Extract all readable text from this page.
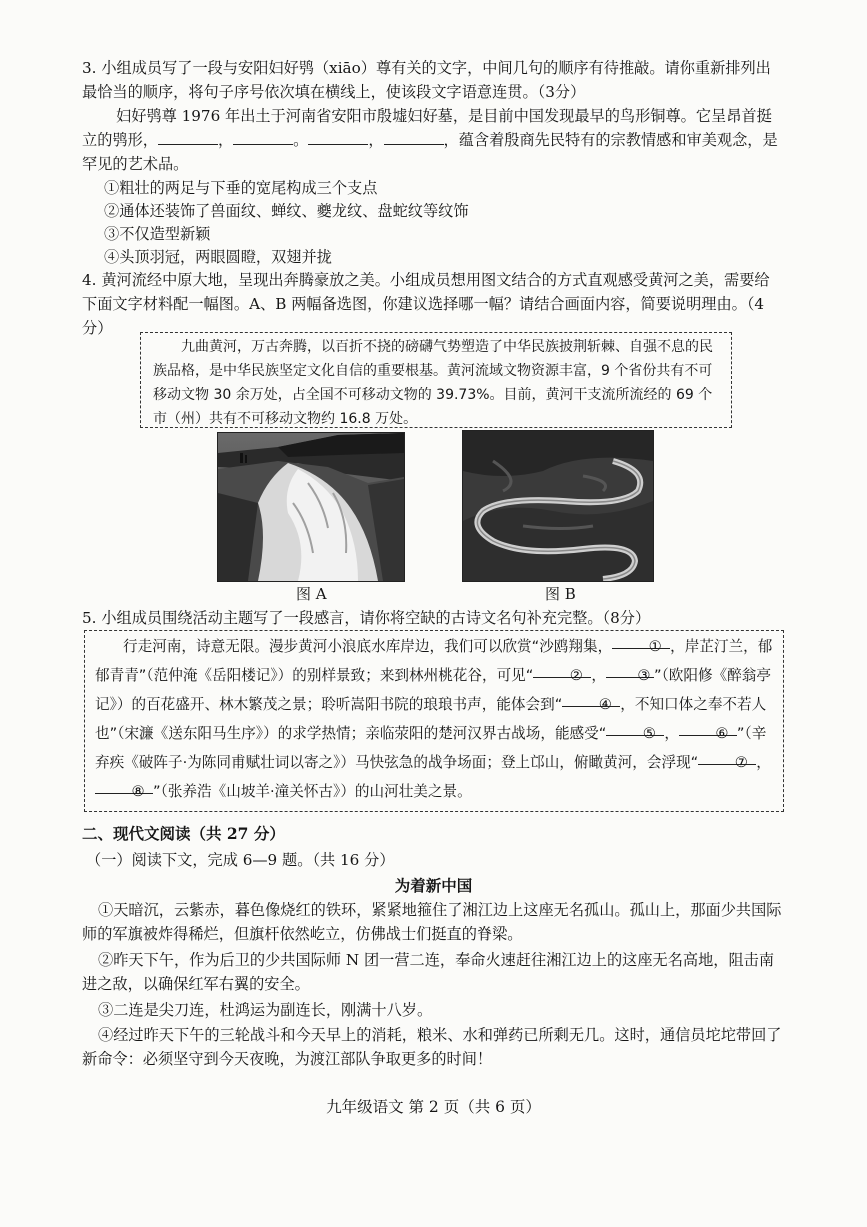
3. 小组成员写了一段与安阳妇好鸮（xiāo）尊有关的文字，中间几句的顺序有待推敲。请你重新排列出最恰当的顺序，将句子序号依次填在横线上，使该段文字语意连贯。（3分）

妇好鸮尊 1976 年出土于河南省安阳市殷墟妇好墓，是目前中国发现最早的鸟形铜尊。它呈昂首挺立的鸮形，	，	。	，	，蕴含着殷商先民特有的宗教情感和审美观念，是罕见的艺术品。

①粗壮的两足与下垂的宽尾构成三个支点

②通体还装饰了兽面纹、蝉纹、夔龙纹、盘蛇纹等纹饰

③不仅造型新颖

④头顶羽冠，两眼圆瞪，双翅并拢

4. 黄河流经中原大地，呈现出奔腾豪放之美。小组成员想用图文结合的方式直观感受黄河之美，需要给下面文字材料配一幅图。A、B 两幅备选图，你建议选择哪一幅？请结合画面内容，简要说明理由。（4分）

九曲黄河，万古奔腾，以百折不挠的磅礴气势塑造了中华民族披荆斩棘、自强不息的民族品格，是中华民族坚定文化自信的重要根基。黄河流域文物资源丰富，9 个省份共有不可移动文物 30 余万处，占全国不可移动文物的 39.73%。目前，黄河干支流所流经的 69 个市（州）共有不可移动文物约 16.8 万处。

图 A	图 B

5. 小组成员围绕活动主题写了一段感言，请你将空缺的古诗文名句补充完整。（8分）

行走河南，诗意无限。漫步黄河小浪底水库岸边，我们可以欣赏“沙鸥翔集， ① ，岸芷汀兰，郁郁青青”（范仲淹《岳阳楼记》）的别样景致；来到林州桃花谷，可见“ ② ， ③ ”（欧阳修《醉翁亭记》）的百花盛开、林木繁茂之景；聆听嵩阳书院的琅琅书声，能体会到“ ④ ，不知口体之奉不若人也”（宋濂《送东阳马生序》）的求学热情；亲临荥阳的楚河汉界古战场，能感受“ ⑤ ， ⑥ ”（辛弃疾《破阵子·为陈同甫赋壮词以寄之》）马快弦急的战争场面；登上邙山，俯瞰黄河，会浮现“ ⑦ ，⑧ ”（张养浩《山坡羊·潼关怀古》）的山河壮美之景。

二、现代文阅读（共 27 分）

（一）阅读下文，完成 6—9 题。（共 16 分）

为着新中国

①天暗沉，云紫赤，暮色像烧红的铁环，紧紧地箍住了湘江边上这座无名孤山。孤山上，那面少共国际师的军旗被炸得稀烂，但旗杆依然屹立，仿佛战士们挺直的脊梁。

②昨天下午，作为后卫的少共国际师 N 团一营二连，奉命火速赶往湘江边上的这座无名高地，阻击南进之敌，以确保红军右翼的安全。

③二连是尖刀连，杜鸿运为副连长，刚满十八岁。

④经过昨天下午的三轮战斗和今天早上的消耗，粮米、水和弹药已所剩无几。这时，通信员坨坨带回了新命令：必须坚守到今天夜晚，为渡江部队争取更多的时间！

九年级语文 第 2 页（共 6 页）
